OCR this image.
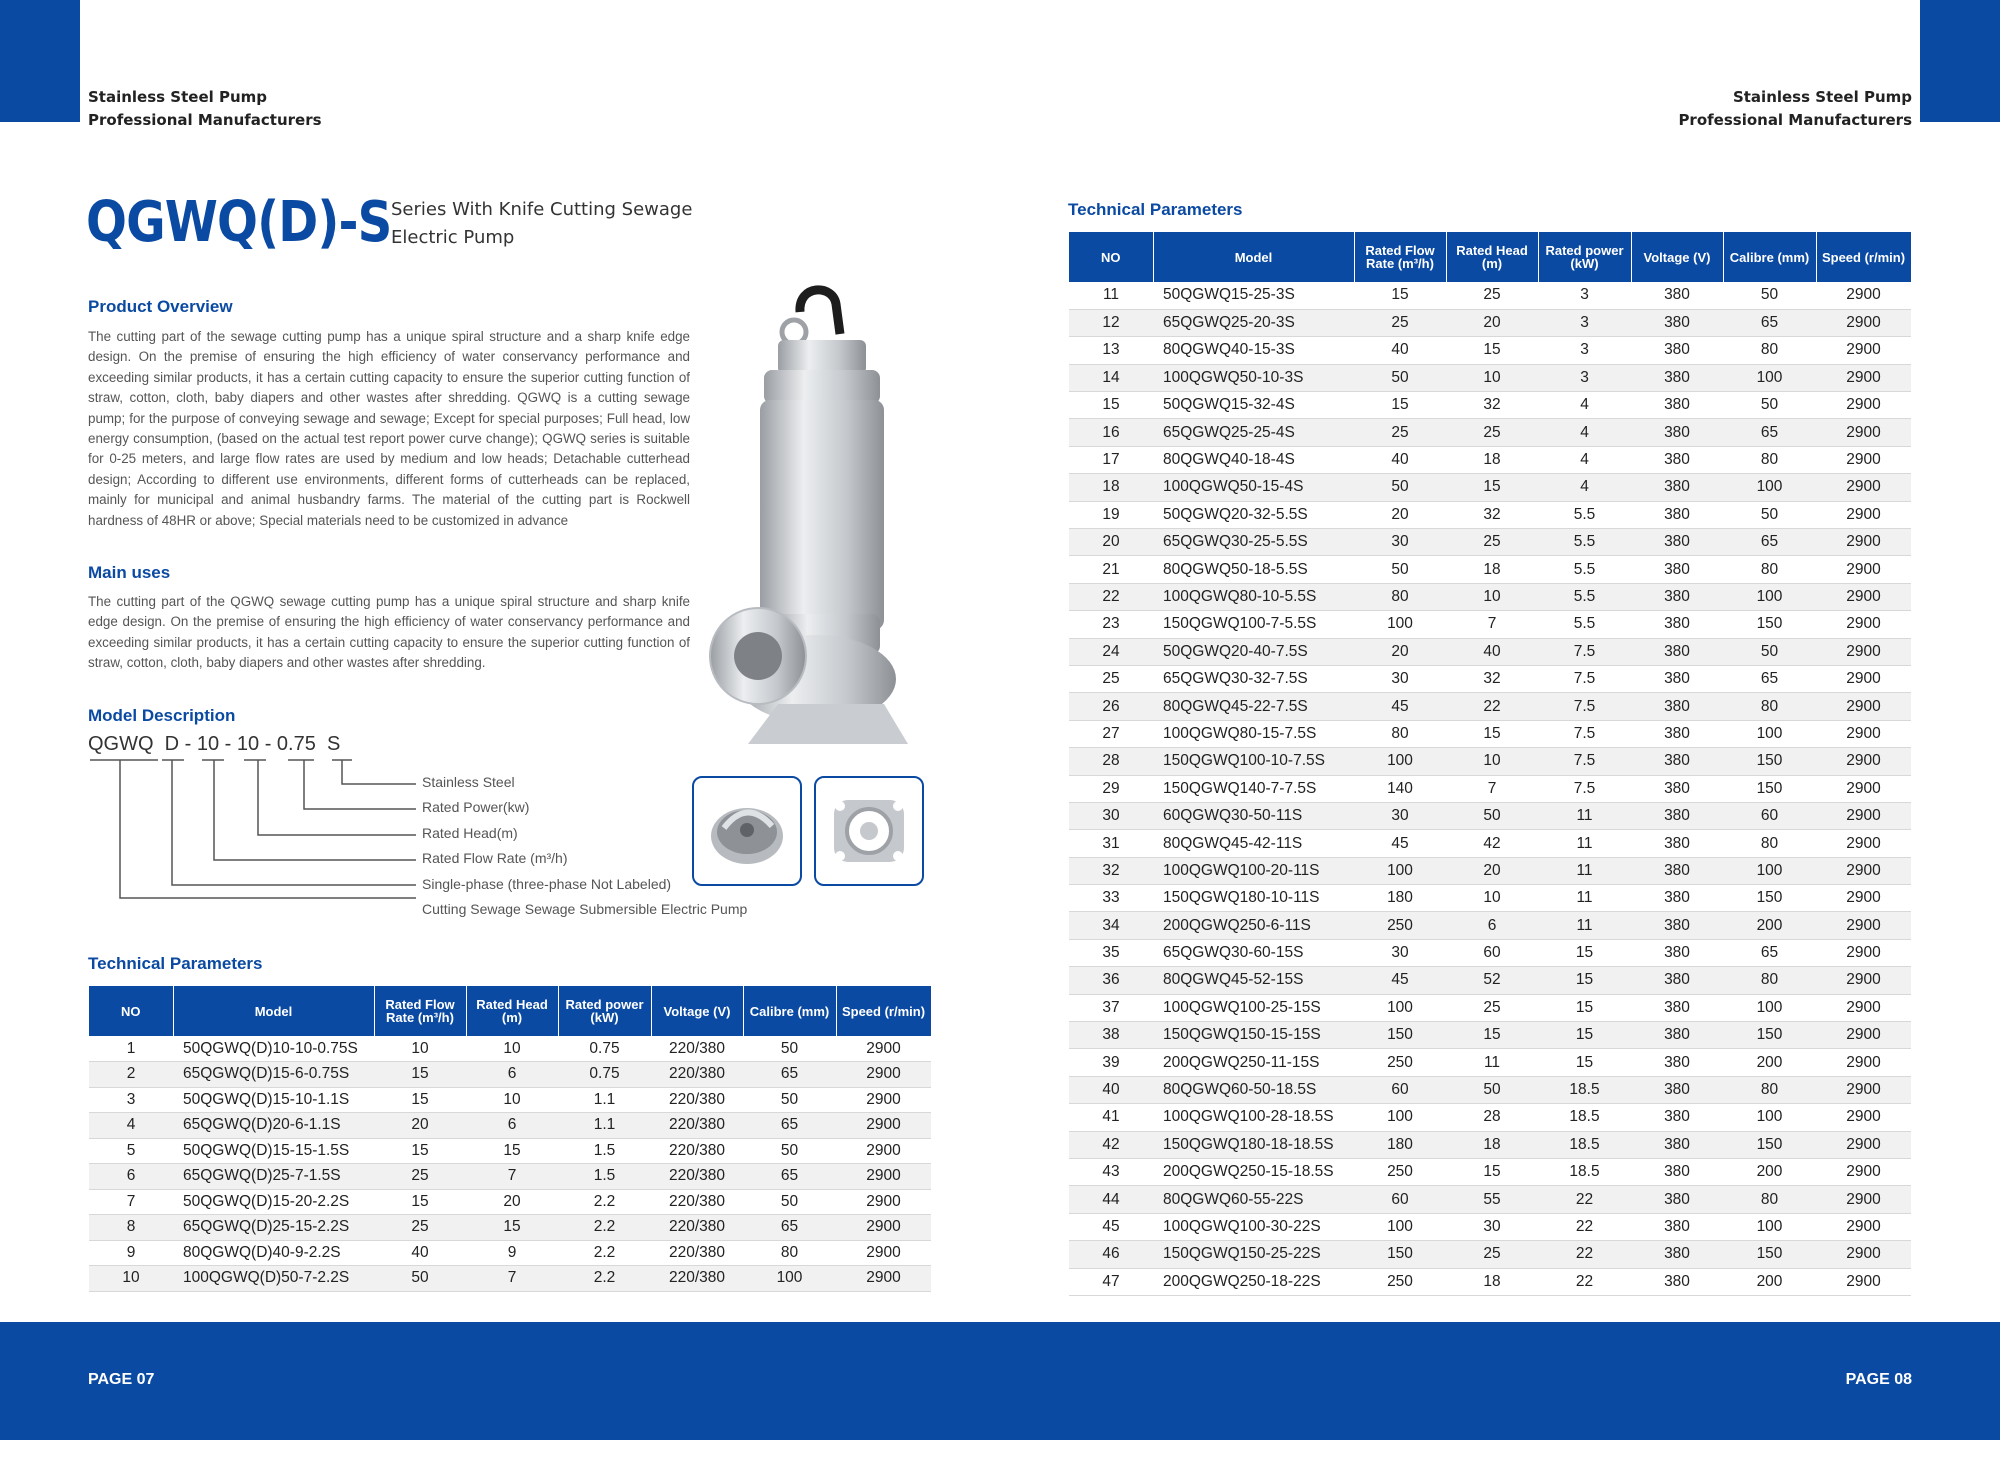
Stainless Steel Pump
Professional Manufacturers
Stainless Steel Pump
Professional Manufacturers
QGWQ(D)-S Series With Knife Cutting Sewage
Electric Pump
Product Overview
The cutting part of the sewage cutting pump has a unique spiral structure and a sharp knife edge design. On the premise of ensuring the high efficiency of water conservancy performance and exceeding similar products, it has a certain cutting capacity to ensure the superior cutting function of straw, cotton, cloth, baby diapers and other wastes after shredding. QGWQ is a cutting sewage pump; for the purpose of conveying sewage and sewage; Except for special purposes; Full head, low energy consumption, (based on the actual test report power curve change); QGWQ series is suitable for 0-25 meters, and large flow rates are used by medium and low heads; Detachable cutterhead design; According to different use environments, different forms of cutterheads can be replaced, mainly for municipal and animal husbandry farms. The material of the cutting part is Rockwell hardness of 48HR or above; Special materials need to be customized in advance
Main uses
The cutting part of the QGWQ sewage cutting pump has a unique spiral structure and sharp knife edge design. On the premise of ensuring the high efficiency of water conservancy performance and exceeding similar products, it has a certain cutting capacity to ensure the superior cutting function of straw, cotton, cloth, baby diapers and other wastes after shredding.
Model Description
QGWQ  D - 10 - 10 - 0.75  S
Stainless Steel
Rated Power(kw)
Rated Head(m)
Rated Flow Rate (m³/h)
Single-phase (three-phase Not Labeled)
Cutting Sewage Sewage Submersible Electric Pump
Technical Parameters
NO	Model	Rated Flow Rate (m³/h)	Rated Head (m)	Rated power (kW)	Voltage (V)	Calibre (mm)	Speed (r/min)
1	50QGWQ(D)10-10-0.75S	10	10	0.75	220/380	50	2900
2	65QGWQ(D)15-6-0.75S	15	6	0.75	220/380	65	2900
3	50QGWQ(D)15-10-1.1S	15	10	1.1	220/380	50	2900
4	65QGWQ(D)20-6-1.1S	20	6	1.1	220/380	65	2900
5	50QGWQ(D)15-15-1.5S	15	15	1.5	220/380	50	2900
6	65QGWQ(D)25-7-1.5S	25	7	1.5	220/380	65	2900
7	50QGWQ(D)15-20-2.2S	15	20	2.2	220/380	50	2900
8	65QGWQ(D)25-15-2.2S	25	15	2.2	220/380	65	2900
9	80QGWQ(D)40-9-2.2S	40	9	2.2	220/380	80	2900
10	100QGWQ(D)50-7-2.2S	50	7	2.2	220/380	100	2900
Technical Parameters
NO	Model	Rated Flow Rate (m³/h)	Rated Head (m)	Rated power (kW)	Voltage (V)	Calibre (mm)	Speed (r/min)
11	50QGWQ15-25-3S	15	25	3	380	50	2900
12	65QGWQ25-20-3S	25	20	3	380	65	2900
13	80QGWQ40-15-3S	40	15	3	380	80	2900
14	100QGWQ50-10-3S	50	10	3	380	100	2900
15	50QGWQ15-32-4S	15	32	4	380	50	2900
16	65QGWQ25-25-4S	25	25	4	380	65	2900
17	80QGWQ40-18-4S	40	18	4	380	80	2900
18	100QGWQ50-15-4S	50	15	4	380	100	2900
19	50QGWQ20-32-5.5S	20	32	5.5	380	50	2900
20	65QGWQ30-25-5.5S	30	25	5.5	380	65	2900
21	80QGWQ50-18-5.5S	50	18	5.5	380	80	2900
22	100QGWQ80-10-5.5S	80	10	5.5	380	100	2900
23	150QGWQ100-7-5.5S	100	7	5.5	380	150	2900
24	50QGWQ20-40-7.5S	20	40	7.5	380	50	2900
25	65QGWQ30-32-7.5S	30	32	7.5	380	65	2900
26	80QGWQ45-22-7.5S	45	22	7.5	380	80	2900
27	100QGWQ80-15-7.5S	80	15	7.5	380	100	2900
28	150QGWQ100-10-7.5S	100	10	7.5	380	150	2900
29	150QGWQ140-7-7.5S	140	7	7.5	380	150	2900
30	60QGWQ30-50-11S	30	50	11	380	60	2900
31	80QGWQ45-42-11S	45	42	11	380	80	2900
32	100QGWQ100-20-11S	100	20	11	380	100	2900
33	150QGWQ180-10-11S	180	10	11	380	150	2900
34	200QGWQ250-6-11S	250	6	11	380	200	2900
35	65QGWQ30-60-15S	30	60	15	380	65	2900
36	80QGWQ45-52-15S	45	52	15	380	80	2900
37	100QGWQ100-25-15S	100	25	15	380	100	2900
38	150QGWQ150-15-15S	150	15	15	380	150	2900
39	200QGWQ250-11-15S	250	11	15	380	200	2900
40	80QGWQ60-50-18.5S	60	50	18.5	380	80	2900
41	100QGWQ100-28-18.5S	100	28	18.5	380	100	2900
42	150QGWQ180-18-18.5S	180	18	18.5	380	150	2900
43	200QGWQ250-15-18.5S	250	15	18.5	380	200	2900
44	80QGWQ60-55-22S	60	55	22	380	80	2900
45	100QGWQ100-30-22S	100	30	22	380	100	2900
46	150QGWQ150-25-22S	150	25	22	380	150	2900
47	200QGWQ250-18-22S	250	18	22	380	200	2900
PAGE 07	PAGE 08
